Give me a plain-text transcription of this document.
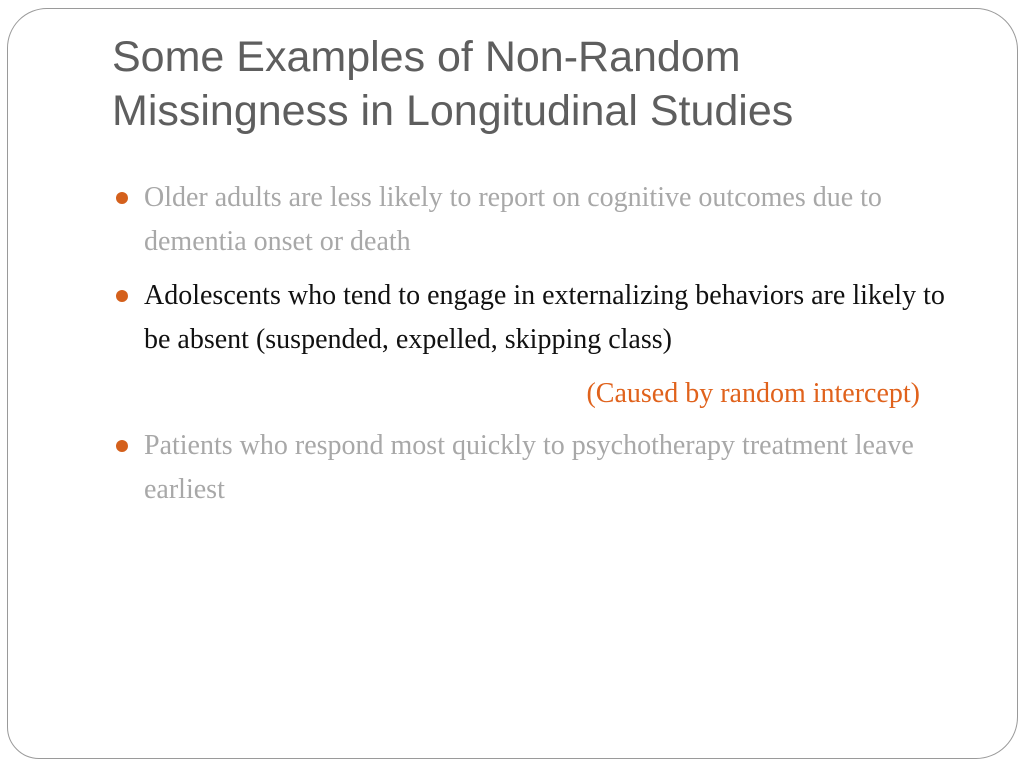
Some Examples of Non-Random Missingness in Longitudinal Studies
Older adults are less likely to report on cognitive outcomes due to dementia onset or death
Adolescents who tend to engage in externalizing behaviors are likely to be absent (suspended, expelled, skipping class)
(Caused by random intercept)
Patients who respond most quickly to psychotherapy treatment leave earliest
